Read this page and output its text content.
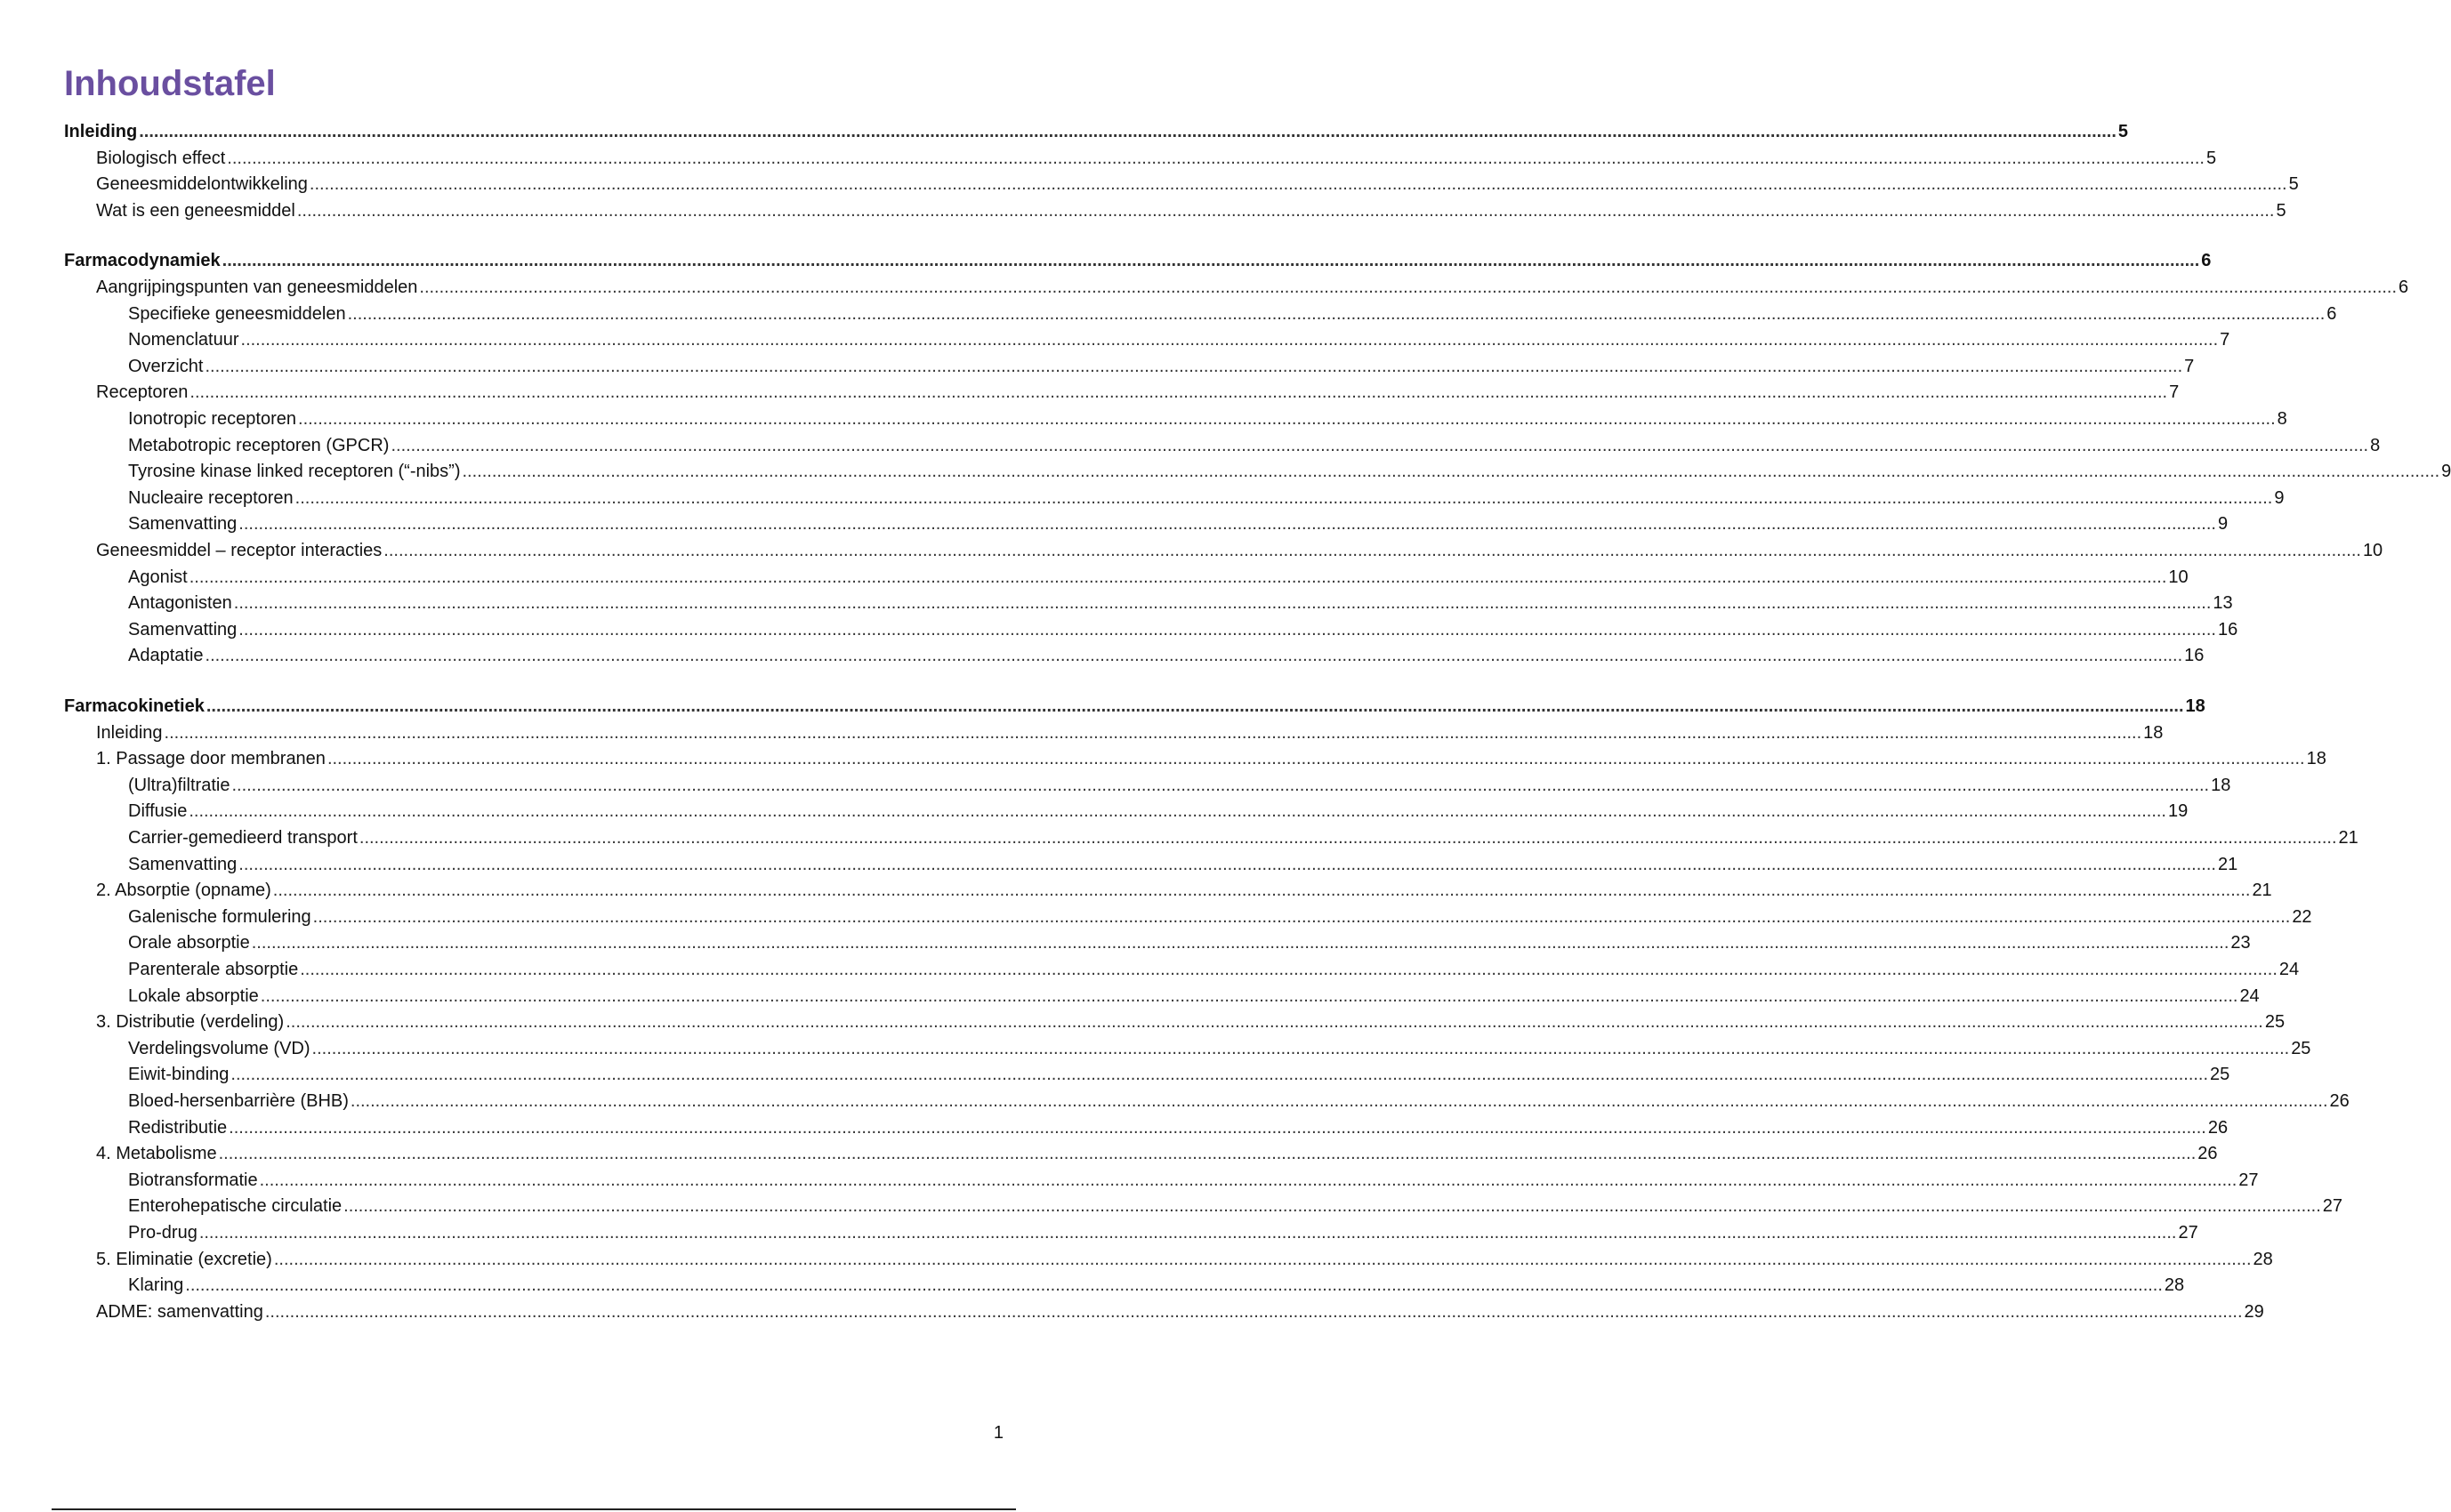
Inhoudstafel
Inleiding ................................................................................................................................................................................................................................................................................................................................................................................................................ 5
Biologisch effect ................................................................................................................................................................................................................................................................................................................................................................................................................ 5
Geneesmiddelontwikkeling ................................................................................................................................................................................................................................................................................................................................................................................................................ 5
Wat is een geneesmiddel ................................................................................................................................................................................................................................................................................................................................................................................................................ 5
Farmacodynamiek ................................................................................................................................................................................................................................................................................................................................................................................................................ 6
Aangrijpingspunten van geneesmiddelen ................................................................................................................................................................................................................................................................................................................................................................................................................ 6
Specifieke geneesmiddelen ................................................................................................................................................................................................................................................................................................................................................................................................................ 6
Nomenclatuur ................................................................................................................................................................................................................................................................................................................................................................................................................ 7
Overzicht ................................................................................................................................................................................................................................................................................................................................................................................................................ 7
Receptoren ................................................................................................................................................................................................................................................................................................................................................................................................................ 7
Ionotropic receptoren ................................................................................................................................................................................................................................................................................................................................................................................................................ 8
Metabotropic receptoren (GPCR) ................................................................................................................................................................................................................................................................................................................................................................................................................ 8
Tyrosine kinase linked receptoren (“-nibs”) ................................................................................................................................................................................................................................................................................................................................................................................................................ 9
Nucleaire receptoren ................................................................................................................................................................................................................................................................................................................................................................................................................ 9
Samenvatting ................................................................................................................................................................................................................................................................................................................................................................................................................ 9
Geneesmiddel – receptor interacties ................................................................................................................................................................................................................................................................................................................................................................................................................ 10
Agonist ................................................................................................................................................................................................................................................................................................................................................................................................................ 10
Antagonisten ................................................................................................................................................................................................................................................................................................................................................................................................................ 13
Samenvatting ................................................................................................................................................................................................................................................................................................................................................................................................................ 16
Adaptatie ................................................................................................................................................................................................................................................................................................................................................................................................................ 16
Farmacokinetiek ................................................................................................................................................................................................................................................................................................................................................................................................................ 18
Inleiding ................................................................................................................................................................................................................................................................................................................................................................................................................ 18
1. Passage door membranen ................................................................................................................................................................................................................................................................................................................................................................................................................ 18
(Ultra)filtratie ................................................................................................................................................................................................................................................................................................................................................................................................................ 18
Diffusie ................................................................................................................................................................................................................................................................................................................................................................................................................ 19
Carrier-gemedieerd transport ................................................................................................................................................................................................................................................................................................................................................................................................................ 21
Samenvatting ................................................................................................................................................................................................................................................................................................................................................................................................................ 21
2. Absorptie (opname) ................................................................................................................................................................................................................................................................................................................................................................................................................ 21
Galenische formulering ................................................................................................................................................................................................................................................................................................................................................................................................................ 22
Orale absorptie ................................................................................................................................................................................................................................................................................................................................................................................................................ 23
Parenterale absorptie ................................................................................................................................................................................................................................................................................................................................................................................................................ 24
Lokale absorptie ................................................................................................................................................................................................................................................................................................................................................................................................................ 24
3. Distributie (verdeling) ................................................................................................................................................................................................................................................................................................................................................................................................................ 25
Verdelingsvolume (VD) ................................................................................................................................................................................................................................................................................................................................................................................................................ 25
Eiwit-binding ................................................................................................................................................................................................................................................................................................................................................................................................................ 25
Bloed-hersenbarrière (BHB) ................................................................................................................................................................................................................................................................................................................................................................................................................ 26
Redistributie ................................................................................................................................................................................................................................................................................................................................................................................................................ 26
4. Metabolisme ................................................................................................................................................................................................................................................................................................................................................................................................................ 26
Biotransformatie ................................................................................................................................................................................................................................................................................................................................................................................................................ 27
Enterohepatische circulatie ................................................................................................................................................................................................................................................................................................................................................................................................................ 27
Pro-drug ................................................................................................................................................................................................................................................................................................................................................................................................................ 27
5. Eliminatie (excretie) ................................................................................................................................................................................................................................................................................................................................................................................................................ 28
Klaring ................................................................................................................................................................................................................................................................................................................................................................................................................ 28
ADME: samenvatting ................................................................................................................................................................................................................................................................................................................................................................................................................ 29
1
